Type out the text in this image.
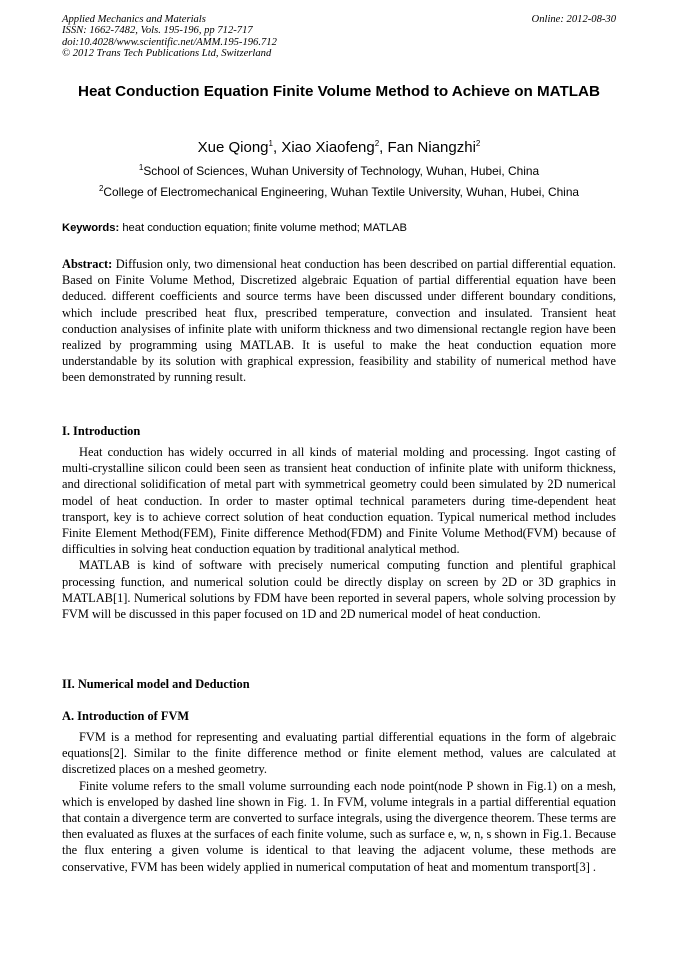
Applied Mechanics and Materials	Online: 2012-08-30
ISSN: 1662-7482, Vols. 195-196, pp 712-717
doi:10.4028/www.scientific.net/AMM.195-196.712
© 2012 Trans Tech Publications Ltd, Switzerland
Heat Conduction Equation Finite Volume Method to Achieve on MATLAB
Xue Qiong$^1$, Xiao Xiaofeng$^2$, Fan Niangzhi$^2$
$^1$School of Sciences, Wuhan University of Technology, Wuhan, Hubei, China
$^2$College of Electromechanical Engineering, Wuhan Textile University, Wuhan, Hubei, China
Keywords: heat conduction equation; finite volume method; MATLAB
Abstract: Diffusion only, two dimensional heat conduction has been described on partial differential equation. Based on Finite Volume Method, Discretized algebraic Equation of partial differential equation have been deduced. different coefficients and source terms have been discussed under different boundary conditions, which include prescribed heat flux, prescribed temperature, convection and insulated. Transient heat conduction analysises of infinite plate with uniform thickness and two dimensional rectangle region have been realized by programming using MATLAB. It is useful to make the heat conduction equation more understandable by its solution with graphical expression, feasibility and stability of numerical method have been demonstrated by running result.
I. Introduction

Heat conduction has widely occurred in all kinds of material molding and processing. Ingot casting of multi-crystalline silicon could been seen as transient heat conduction of infinite plate with uniform thickness, and directional solidification of metal part with symmetrical geometry could been simulated by 2D numerical model of heat conduction. In order to master optimal technical parameters during time-dependent heat transport, key is to achieve correct solution of heat conduction equation. Typical numerical method includes Finite Element Method(FEM), Finite difference Method(FDM) and Finite Volume Method(FVM) because of difficulties in solving heat conduction equation by traditional analytical method.

MATLAB is kind of software with precisely numerical computing function and plentiful graphical processing function, and numerical solution could be directly display on screen by 2D or 3D graphics in MATLAB[1]. Numerical solutions by FDM have been reported in several papers, whole solving procession by FVM will be discussed in this paper focused on 1D and 2D numerical model of heat conduction.

II. Numerical model and Deduction
A. Introduction of FVM

FVM is a method for representing and evaluating partial differential equations in the form of algebraic equations[2]. Similar to the finite difference method or finite element method, values are calculated at discretized places on a meshed geometry.

Finite volume refers to the small volume surrounding each node point(node P shown in Fig.1) on a mesh, which is enveloped by dashed line shown in Fig. 1. In FVM, volume integrals in a partial differential equation that contain a divergence term are converted to surface integrals, using the divergence theorem. These terms are then evaluated as fluxes at the surfaces of each finite volume, such as surface e, w, n, s shown in Fig.1. Because the flux entering a given volume is identical to that leaving the adjacent volume, these methods are conservative, FVM has been widely applied in numerical computation of heat and momentum transport[3] .
